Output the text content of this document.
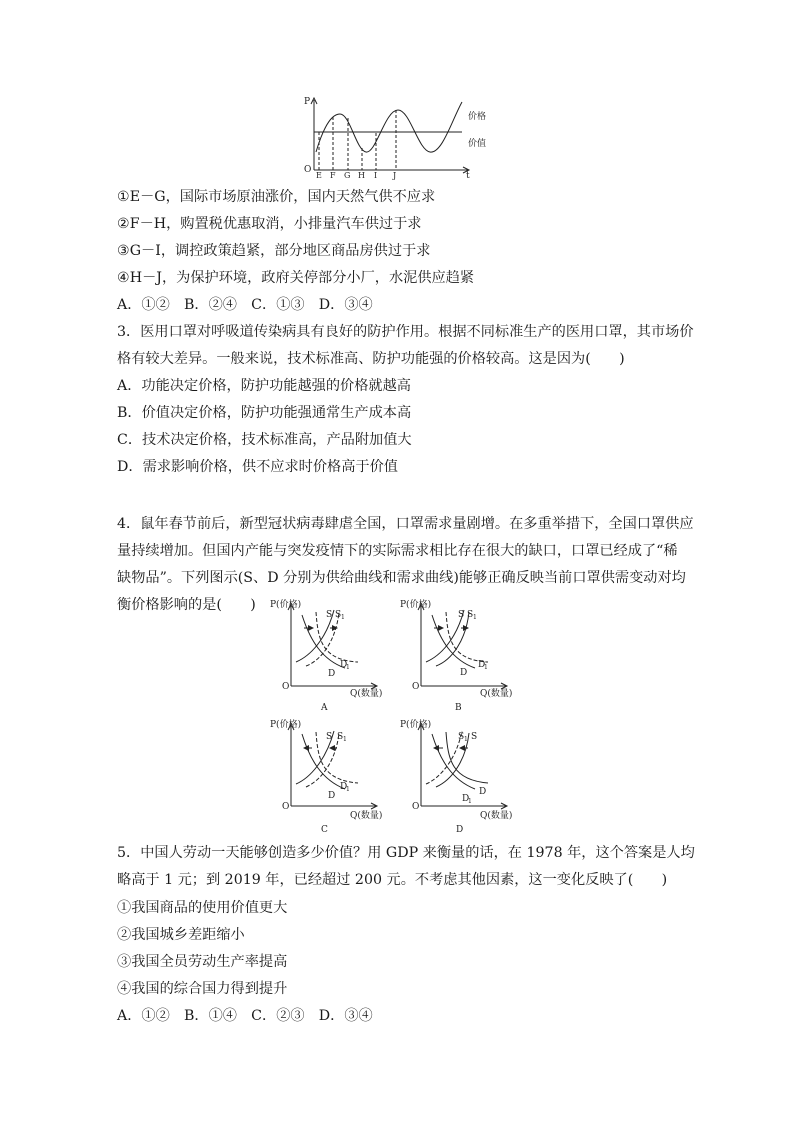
P
O
t
价格
价值
E F G H I J
①E－G，国际市场原油涨价，国内天然气供不应求
②F－H，购置税优惠取消，小排量汽车供过于求
③G－I，调控政策趋紧，部分地区商品房供过于求
④H－J，为保护环境，政府关停部分小厂，水泥供应趋紧
A．①②　B．②④　C．①③　D．③④
3．医用口罩对呼吸道传染病具有良好的防护作用。根据不同标准生产的医用口罩，其市场价
格有较大差异。一般来说，技术标准高、防护功能强的价格较高。这是因为(　　)
A．功能决定价格，防护功能越强的价格就越高
B．价值决定价格，防护功能强通常生产成本高
C．技术决定价格，技术标准高，产品附加值大
D．需求影响价格，供不应求时价格高于价值
4．鼠年春节前后，新型冠状病毒肆虐全国，口罩需求量剧增。在多重举措下，全国口罩供应
量持续增加。但国内产能与突发疫情下的实际需求相比存在很大的缺口，口罩已经成了“稀
缺物品”。下列图示(S、D 分别为供给曲线和需求曲线)能够正确反映当前口罩供需变动对均
衡价格影响的是(　　) P(价格)
O
Q(数量)
S S 1
D
1
D
A
P(价格)
O
Q(数量)
S S 1
D
1
D
B
P(价格)
O
Q(数量)
S S 1
D
1
D
C
P(价格)
O
Q(数量)
S 1 S
D
D
1
D
5．中国人劳动一天能够创造多少价值？用 GDP 来衡量的话，在 1978 年，这个答案是人均
略高于 1 元；到 2019 年，已经超过 200 元。不考虑其他因素，这一变化反映了(　　)
①我国商品的使用价值更大
②我国城乡差距缩小
③我国全员劳动生产率提高
④我国的综合国力得到提升
A．①②　B．①④　C．②③　D．③④
